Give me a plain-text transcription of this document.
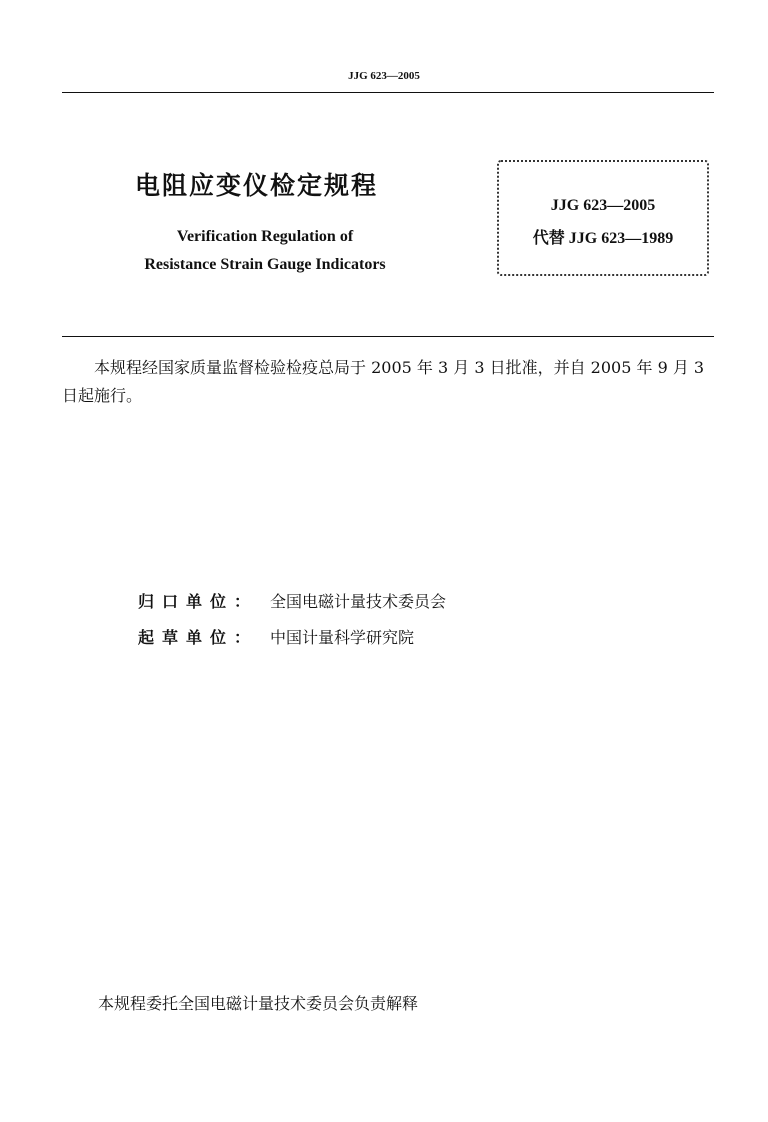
JJG 623—2005
电阻应变仪检定规程
Verification Regulation of
Resistance Strain Gauge Indicators
JJG 623—2005
代替 JJG 623—1989
本规程经国家质量监督检验检疫总局于 2005 年 3 月 3 日批准，并自 2005 年 9 月 3 日起施行。
归口单位： 全国电磁计量技术委员会
起草单位： 中国计量科学研究院
本规程委托全国电磁计量技术委员会负责解释
